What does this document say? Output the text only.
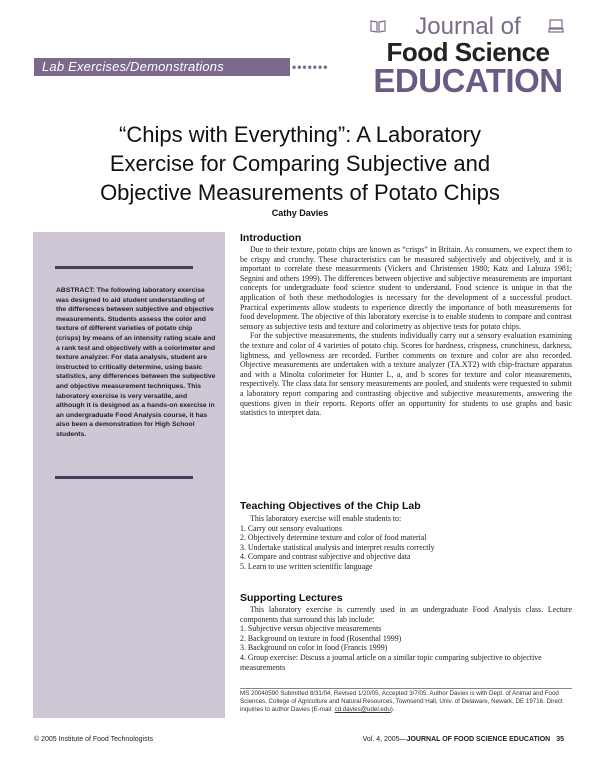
Lab Exercises/Demonstrations	•••••••
Journal of
Food Science
EDUCATION
“Chips with Everything”: A Laboratory
Exercise for Comparing Subjective and
Objective Measurements of Potato Chips
Cathy Davies
ABSTRACT: The following laboratory exercise was designed to aid student understanding of the differences between subjective and objective measurements. Students assess the color and texture of different varieties of potato chip (crisps) by means of an intensity rating scale and a rank test and objectively with a colorimeter and texture analyzer. For data analysis, student are instructed to critically determine, using basic statistics, any differences between the subjective and objective measurement techniques. This laboratory exercise is very versatile, and although it is designed as a hands-on exercise in an undergraduate Food Analysis course, it has also been a demonstration for High School students.
Introduction

Due to their texture, potato chips are known as “crisps” in Britain. As consumers, we expect them to be crispy and crunchy. These characteristics can be measured subjectively and objectively, and it is important to correlate these measurements (Vickers and Christensen 1980; Katz and Labuza 1981; Segnini and others 1999). The differences between objective and subjective measurements are important concepts for undergraduate food science student to understand. Food science is unique in that the application of both these methodologies is necessary for the development of a successful product. Practical experiments allow students to experience directly the importance of both measurements for food development. The objective of this laboratory exercise is to enable students to compare and contrast sensory as subjective tests and texture and colorimetry as objective tests for potato chips.

For the subjective measurements, the students individually carry out a sensory evaluation examining the texture and color of 4 varieties of potato chip. Scores for hardness, crispness, crunchiness, darkness, lightness, and yellowness are recorded. Further comments on texture and color are also recorded. Objective measurements are undertaken with a texture analyzer (TA.XT2) with chip-fracture apparatus and with a Minolta colorimeter for Hunter L, a, and b scores for texture and color measurements, respectively. The class data for sensory measurements are pooled, and students were requested to submit a laboratory report comparing and contrasting objective and subjective measurements, answering the questions given in their reports. Reports offer an opportunity for students to use graphs and basic statistics to interpret data.

Teaching Objectives of the Chip Lab

This laboratory exercise will enable students to:

1. Carry out sensory evaluations
2. Objectively determine texture and color of food material
3. Undertake statistical analysis and interpret results correctly
4. Compare and contrast subjective and objective data
5. Learn to use written scientific language
Supporting Lectures

This laboratory exercise is currently used in an undergraduate Food Analysis class. Lecture components that surround this lab include:

1. Subjective versus objective measurements
2. Background on texture in food (Rosenthal 1999)
3. Background on color in food (Francis 1999)
4. Group exercise: Discuss a journal article on a similar topic comparing subjective to objective measurements
MS 20040590 Submitted 8/31/04, Revised 1/20/05, Accepted 3/7/05. Author Davies is with Dept. of Animal and Food Sciences, College of Agriculture and Natural Resources, Townsend Hall, Univ. of Delaware, Newark, DE 19716. Direct inquiries to author Davies (E-mail: cd.davies@udel.edu).
© 2005 Institute of Food Technologists	Vol. 4, 2005—JOURNAL OF FOOD SCIENCE EDUCATION 35
